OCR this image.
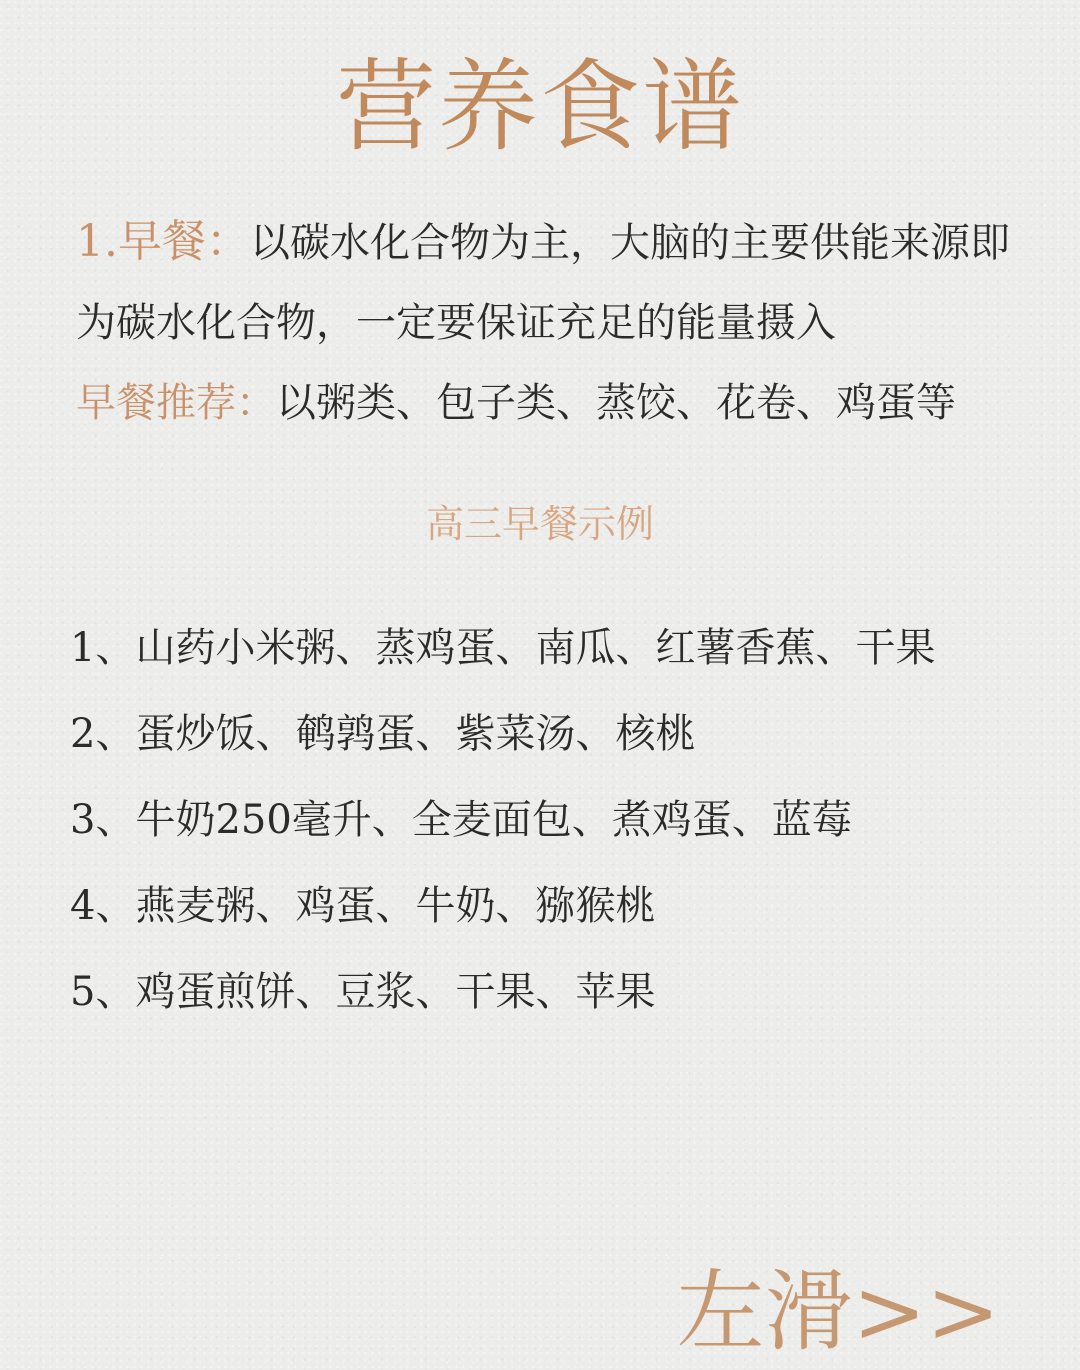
营养食谱
1.早餐：以碳水化合物为主，大脑的主要供能来源即为碳水化合物，一定要保证充足的能量摄入
早餐推荐：以粥类、包子类、蒸饺、花卷、鸡蛋等
高三早餐示例
1、山药小米粥、蒸鸡蛋、南瓜、红薯香蕉、干果
2、蛋炒饭、鹌鹑蛋、紫菜汤、核桃
3、牛奶250毫升、全麦面包、煮鸡蛋、蓝莓
4、燕麦粥、鸡蛋、牛奶、猕猴桃
5、鸡蛋煎饼、豆浆、干果、苹果
左滑>>
